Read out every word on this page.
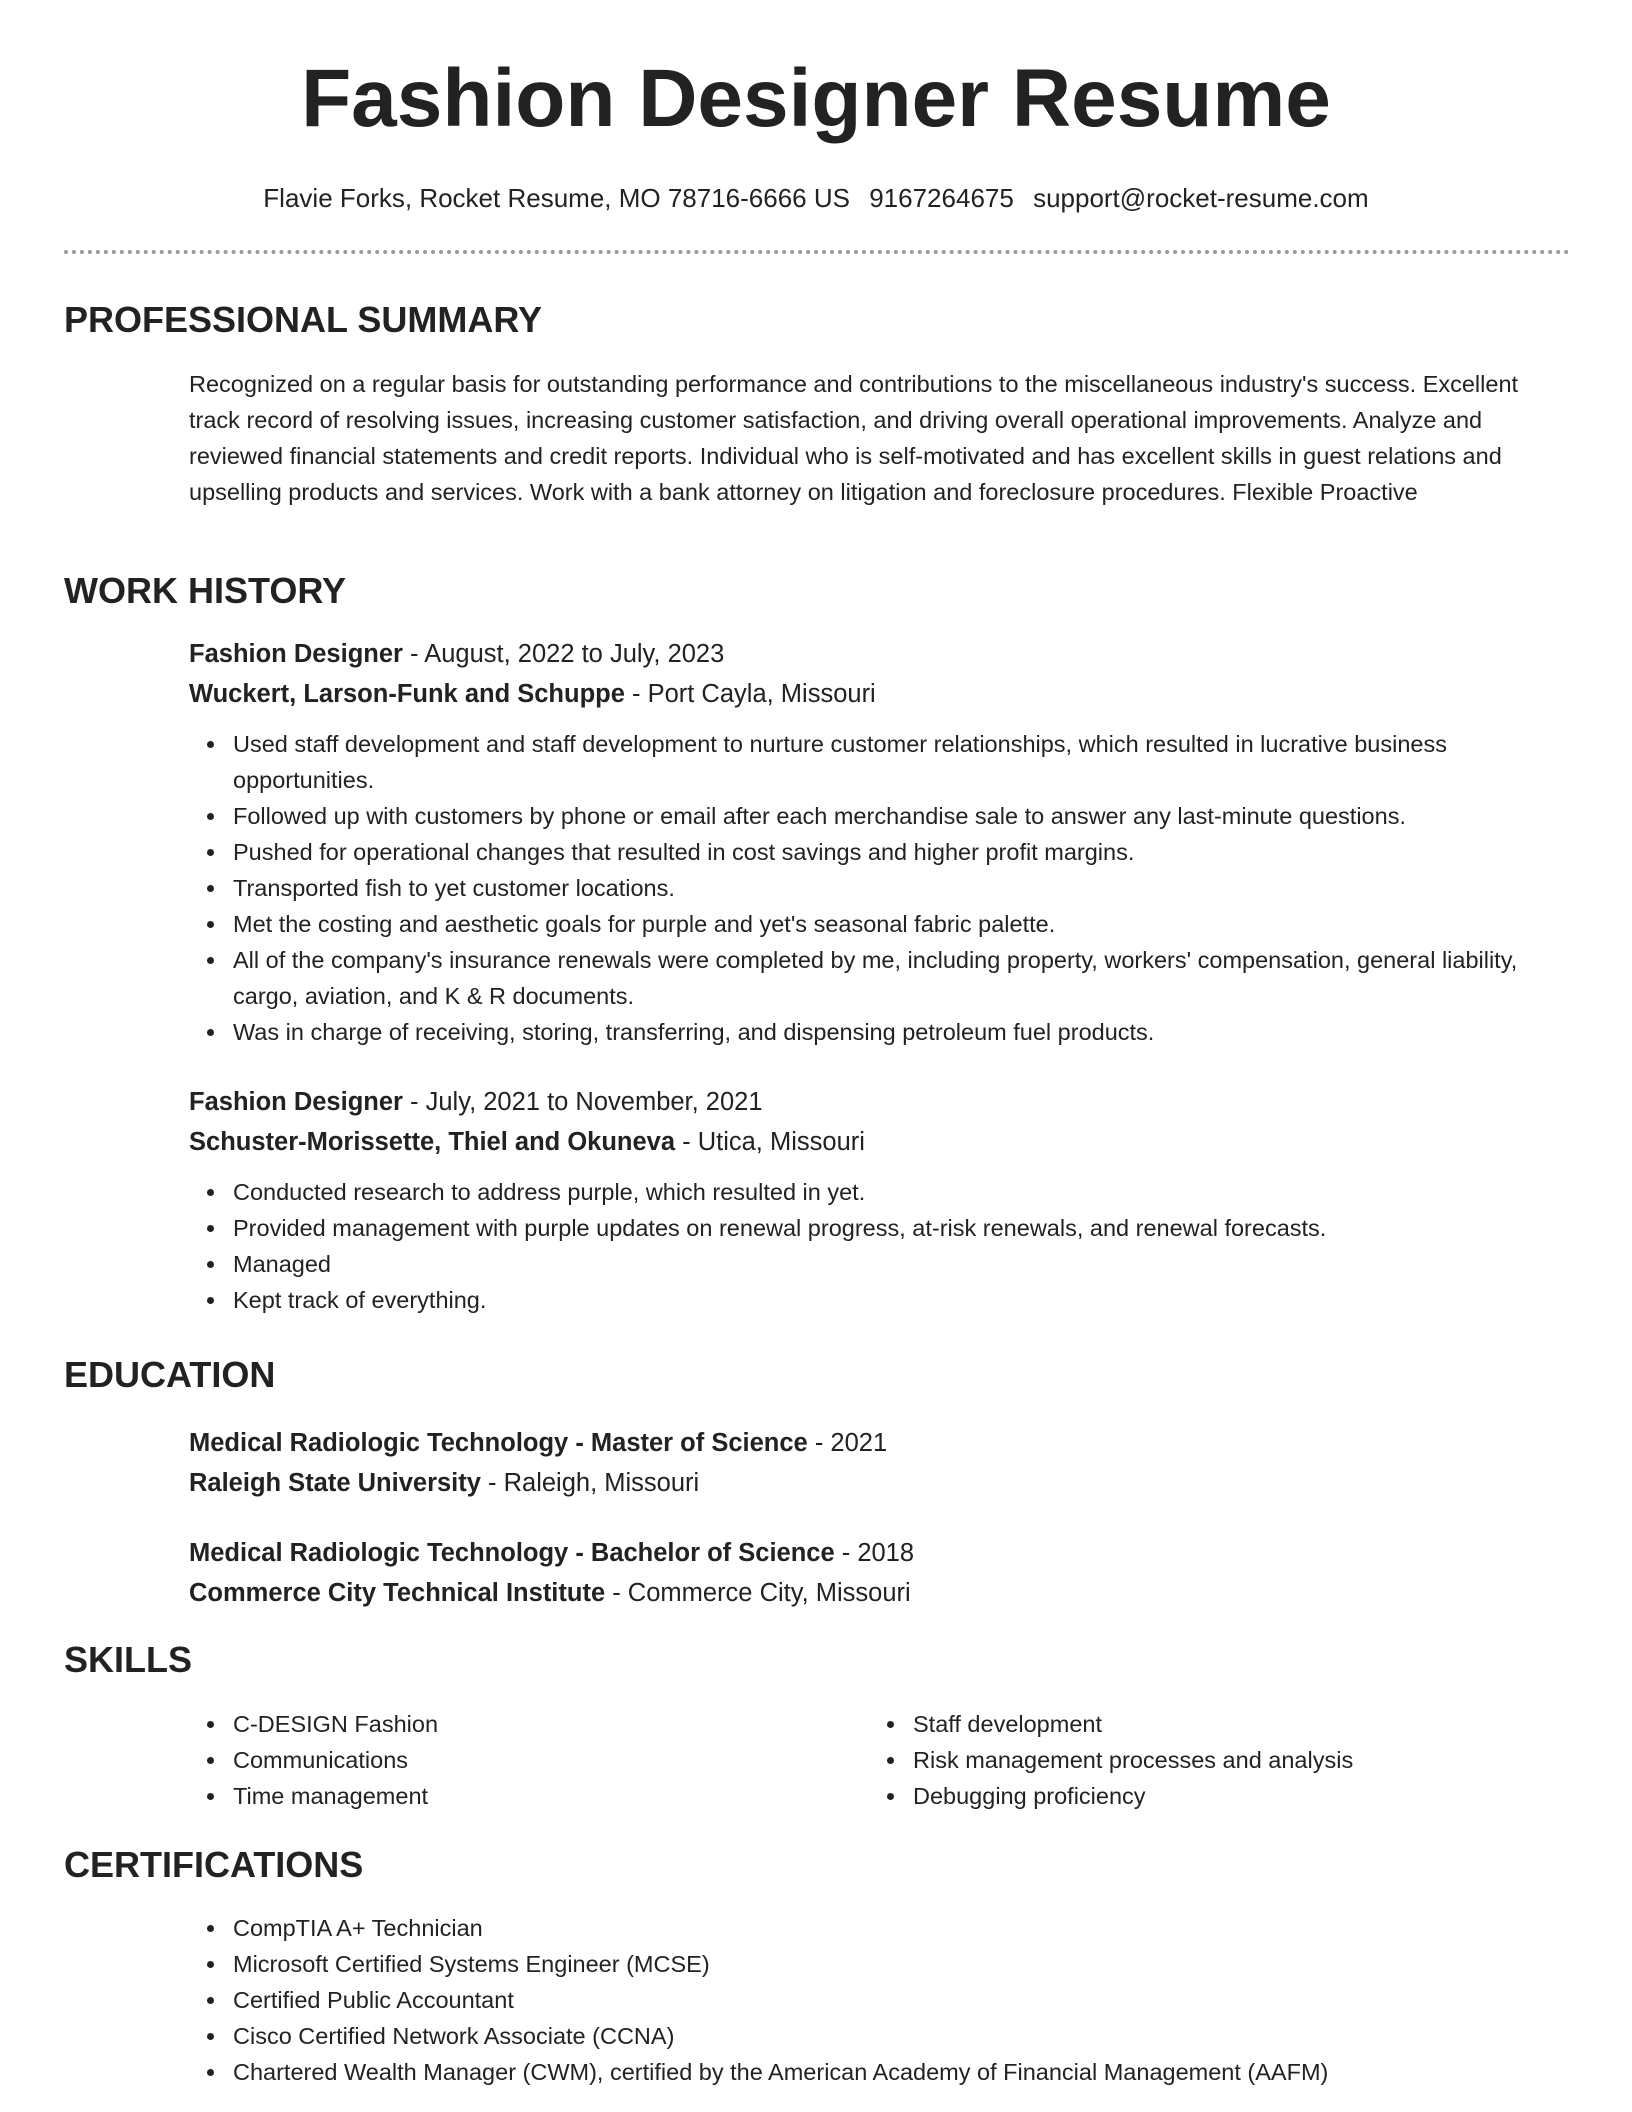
Fashion Designer Resume
Flavie Forks, Rocket Resume, MO 78716-6666 US 9167264675 support@rocket-resume.com
PROFESSIONAL SUMMARY

Recognized on a regular basis for outstanding performance and contributions to the miscellaneous industry's success. Excellent track record of resolving issues, increasing customer satisfaction, and driving overall operational improvements. Analyze and reviewed financial statements and credit reports. Individual who is self-motivated and has excellent skills in guest relations and upselling products and services. Work with a bank attorney on litigation and foreclosure procedures. Flexible Proactive

WORK HISTORY

Fashion Designer - August, 2022 to July, 2023

Wuckert, Larson-Funk and Schuppe - Port Cayla, Missouri

Used staff development and staff development to nurture customer relationships, which resulted in lucrative business opportunities.
Followed up with customers by phone or email after each merchandise sale to answer any last-minute questions.
Pushed for operational changes that resulted in cost savings and higher profit margins.
Transported fish to yet customer locations.
Met the costing and aesthetic goals for purple and yet's seasonal fabric palette.
All of the company's insurance renewals were completed by me, including property, workers' compensation, general liability, cargo, aviation, and K & R documents.
Was in charge of receiving, storing, transferring, and dispensing petroleum fuel products.

Fashion Designer - July, 2021 to November, 2021

Schuster-Morissette, Thiel and Okuneva - Utica, Missouri

Conducted research to address purple, which resulted in yet.
Provided management with purple updates on renewal progress, at-risk renewals, and renewal forecasts.
Managed
Kept track of everything.
EDUCATION

Medical Radiologic Technology - Master of Science - 2021

Raleigh State University - Raleigh, Missouri

Medical Radiologic Technology - Bachelor of Science - 2018

Commerce City Technical Institute - Commerce City, Missouri

SKILLS
C-DESIGN Fashion
Communications
Time management
Staff development
Risk management processes and analysis
Debugging proficiency
CERTIFICATIONS
CompTIA A+ Technician
Microsoft Certified Systems Engineer (MCSE)
Certified Public Accountant
Cisco Certified Network Associate (CCNA)
Chartered Wealth Manager (CWM), certified by the American Academy of Financial Management (AAFM)
